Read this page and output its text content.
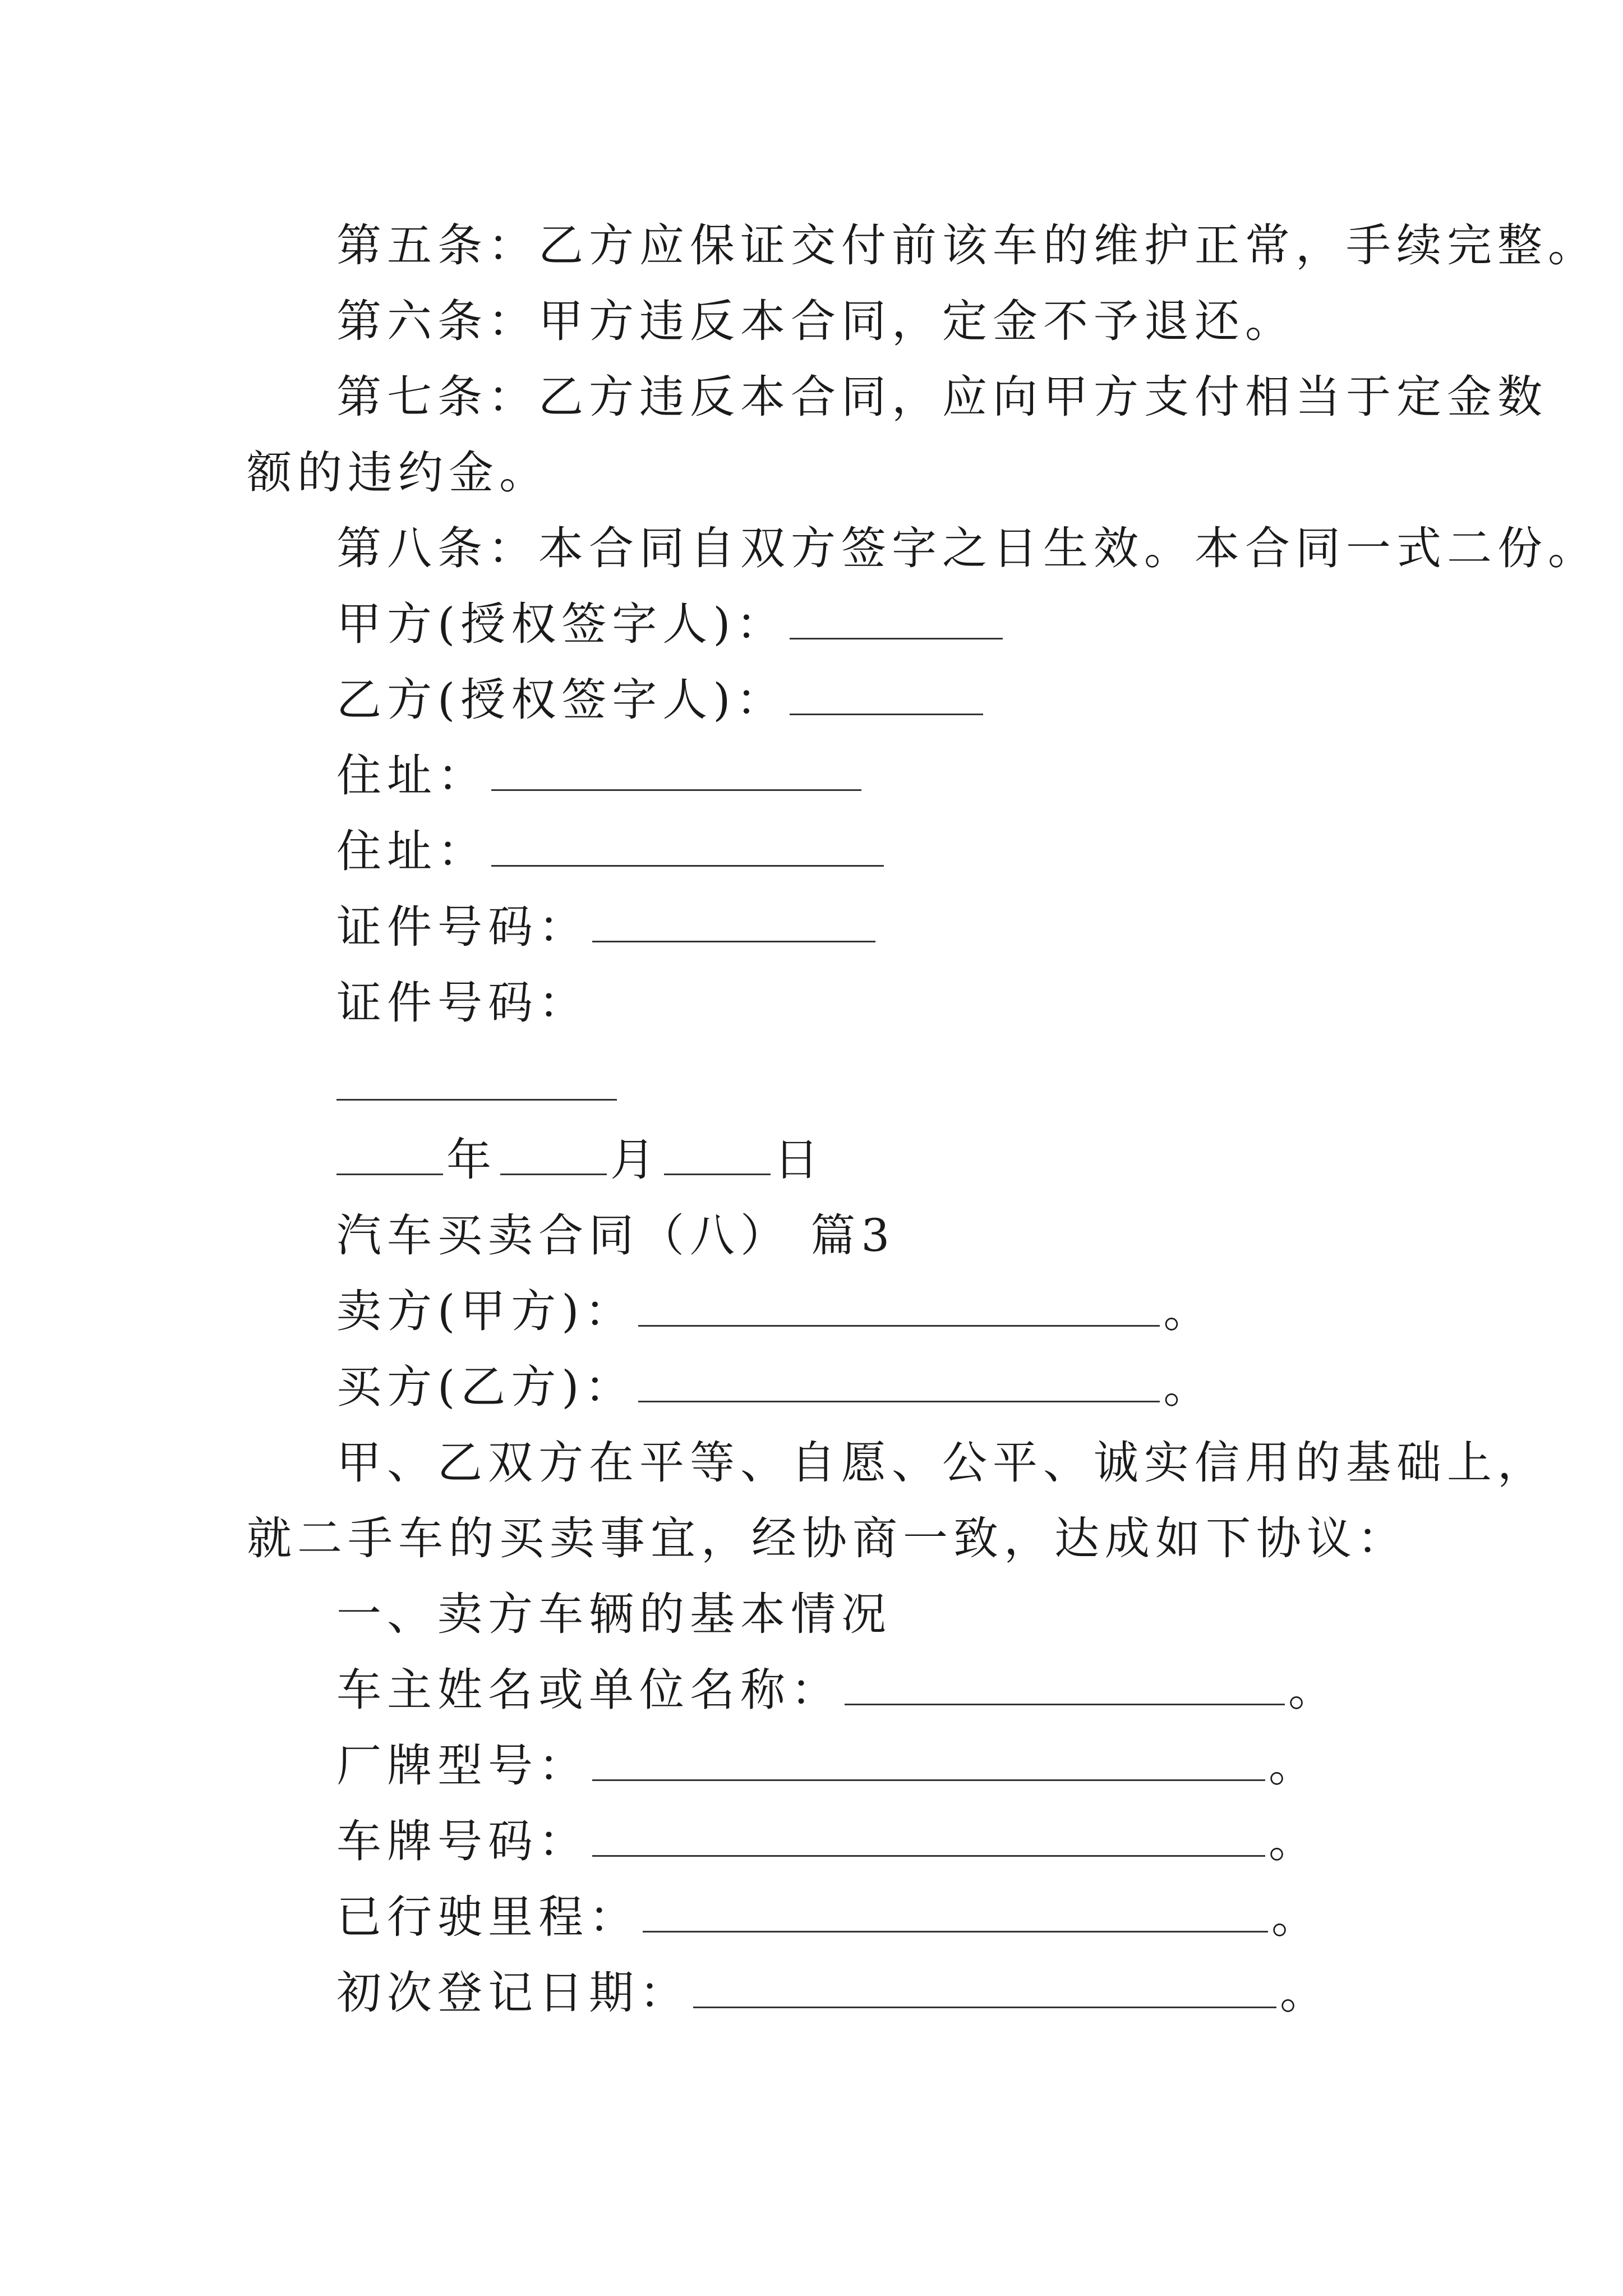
第五条：乙方应保证交付前该车的维护正常，手续完整。
第六条：甲方违反本合同，定金不予退还。
第七条：乙方违反本合同，应向甲方支付相当于定金数
额的违约金。
第八条：本合同自双方签字之日生效。本合同一式二份。
甲方(授权签字人)：
乙方(授权签字人)：
住址：
住址：
证件号码：
证件号码：
年	月	日
汽车买卖合同（八） 篇3
卖方(甲方)：	。
买方(乙方)：	。
甲、乙双方在平等、自愿、公平、诚实信用的基础上，
就二手车的买卖事宜，经协商一致，达成如下协议：
一、卖方车辆的基本情况
车主姓名或单位名称：	。
厂牌型号：	。
车牌号码：	。
已行驶里程：	。
初次登记日期：	。
